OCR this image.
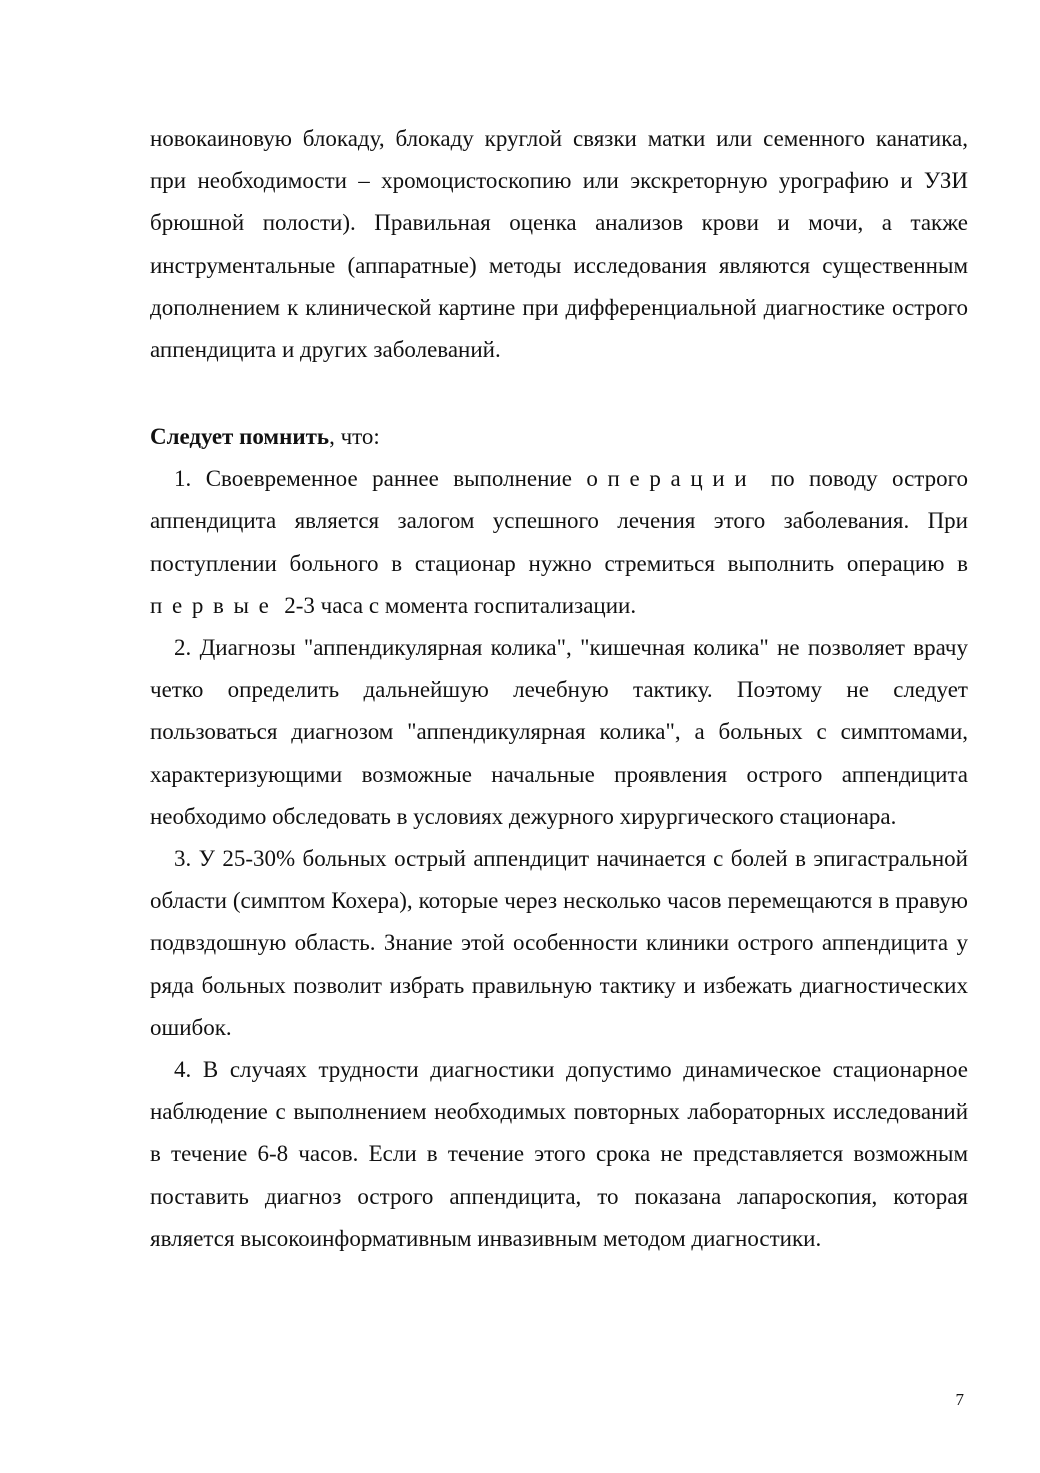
новокаиновую блокаду, блокаду круглой связки матки или семенного канатика, при необходимости – хромоцистоскопию или экскреторную урографию и УЗИ брюшной полости). Правильная оценка анализов крови и мочи, а также инструментальные (аппаратные) методы исследования являются существенным дополнением к клинической картине при дифференциальной диагностике острого аппендицита и других заболеваний.

Следует помнить, что:

1. Своевременное раннее выполнение операции по поводу острого аппендицита является залогом успешного лечения этого заболевания. При поступлении больного в стационар нужно стремиться выполнить операцию в первые 2-3 часа с момента госпитализации.

2. Диагнозы "аппендикулярная колика", "кишечная колика" не позволяет врачу четко определить дальнейшую лечебную тактику. Поэтому не следует пользоваться диагнозом "аппендикулярная колика", а больных с симптомами, характеризующими возможные начальные проявления острого аппендицита необходимо обследовать в условиях дежурного хирургического стационара.

3. У 25-30% больных острый аппендицит начинается с болей в эпигастральной области (симптом Кохера), которые через несколько часов перемещаются в правую подвздошную область. Знание этой особенности клиники острого аппендицита у ряда больных позволит избрать правильную тактику и избежать диагностических ошибок.

4. В случаях трудности диагностики допустимо динамическое стационарное наблюдение с выполнением необходимых повторных лабораторных исследований в течение 6-8 часов. Если в течение этого срока не представляется возможным поставить диагноз острого аппендицита, то показана лапароскопия, которая является высокоинформативным инвазивным методом диагностики.

7
